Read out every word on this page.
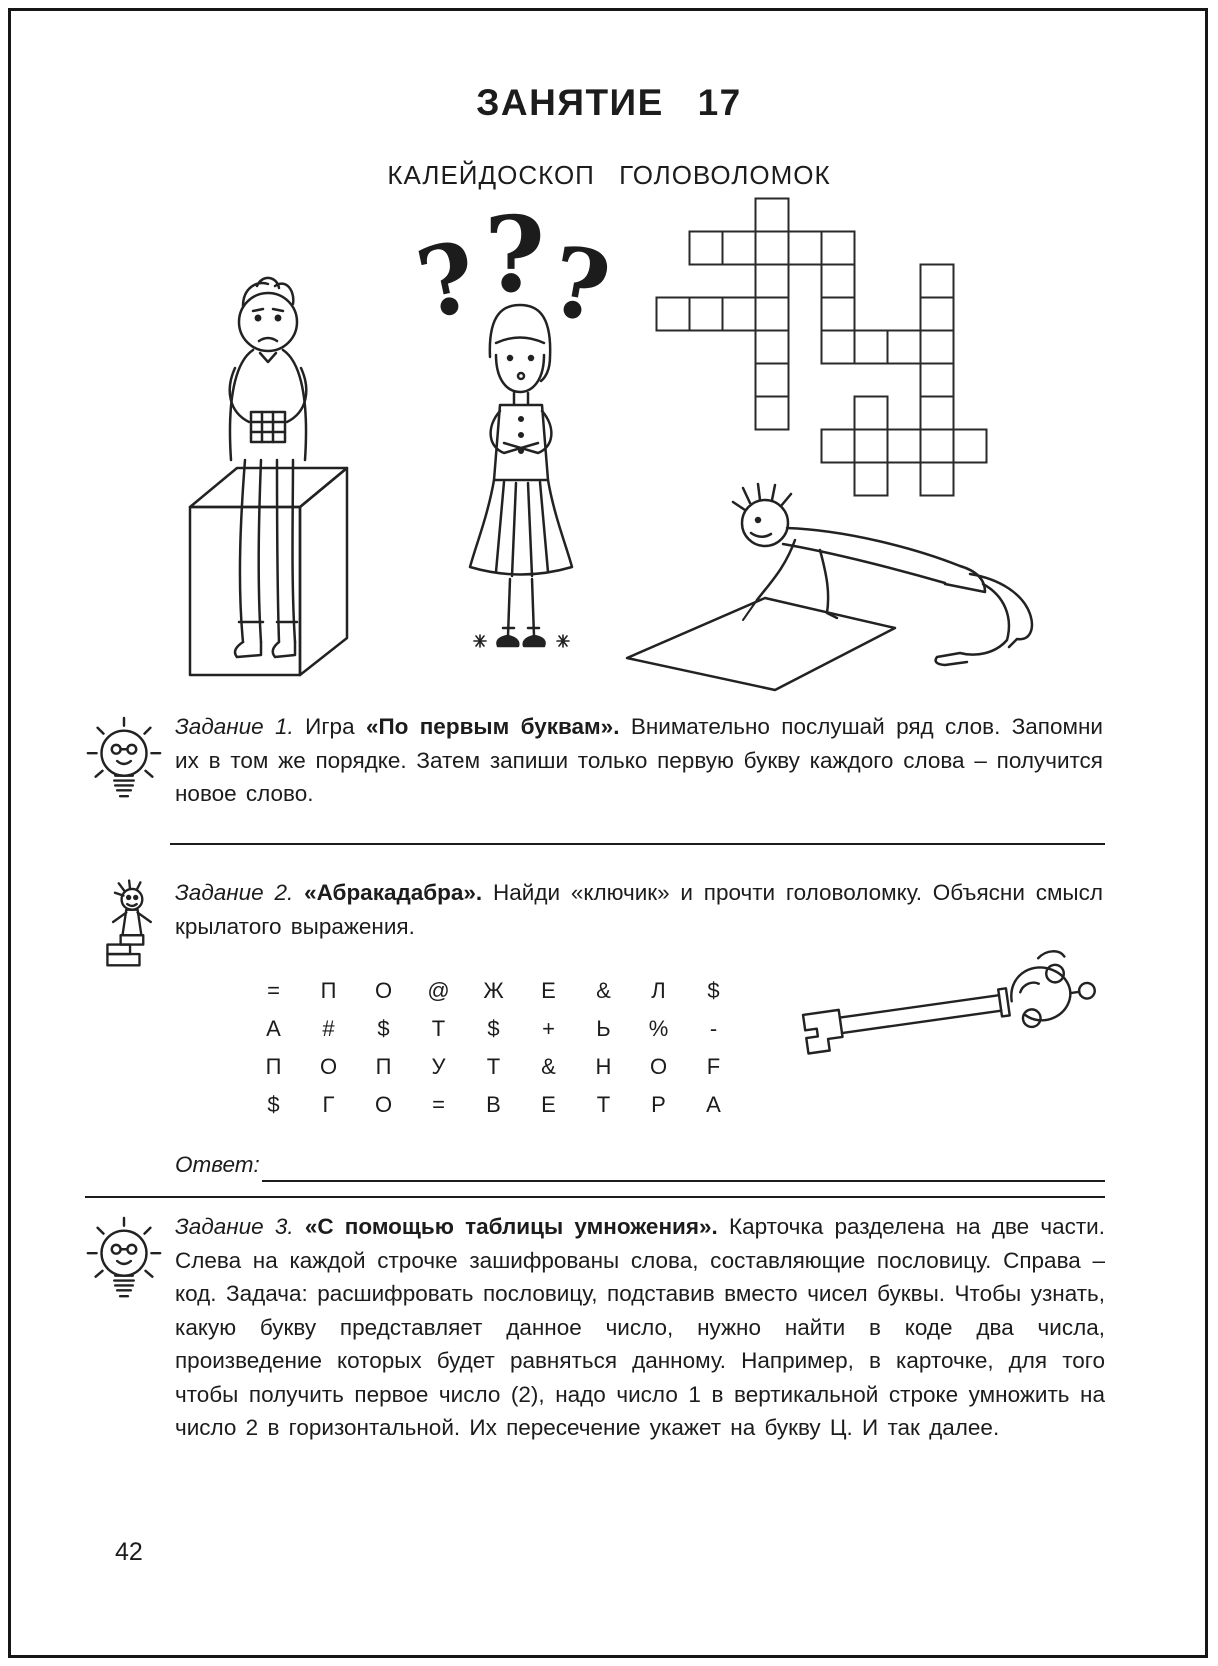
ЗАНЯТИЕ 17
КАЛЕЙДОСКОП ГОЛОВОЛОМОК
?
?
?
Задание 1. Игра «По первым буквам». Внимательно послушай ряд слов. Запомни их в том же порядке. Затем запиши только первую букву каждого слова – получится новое слово.
Задание 2. «Абракадабра». Найди «ключик» и прочти головоломку. Объясни смысл крылатого выражения.
=	П	О	@	Ж	Е	&	Л	$
А	#	$	Т	$	+	Ь	%	-
П	О	П	У	Т	&	Н	О	F
$	Г	О	=	В	Е	Т	Р	А
Ответ:
Задание 3. «С помощью таблицы умножения». Карточка разделена на две части. Слева на каждой строчке зашифрованы слова, составляющие пословицу. Справа – код. Задача: расшифровать пословицу, подставив вместо чисел буквы. Чтобы узнать, какую букву представляет данное число, нужно найти в коде два числа, произведение которых будет равняться данному. Например, в карточке, для того чтобы получить первое число (2), надо число 1 в вертикальной строке умножить на число 2 в горизонтальной. Их пересечение укажет на букву Ц. И так далее.
42
